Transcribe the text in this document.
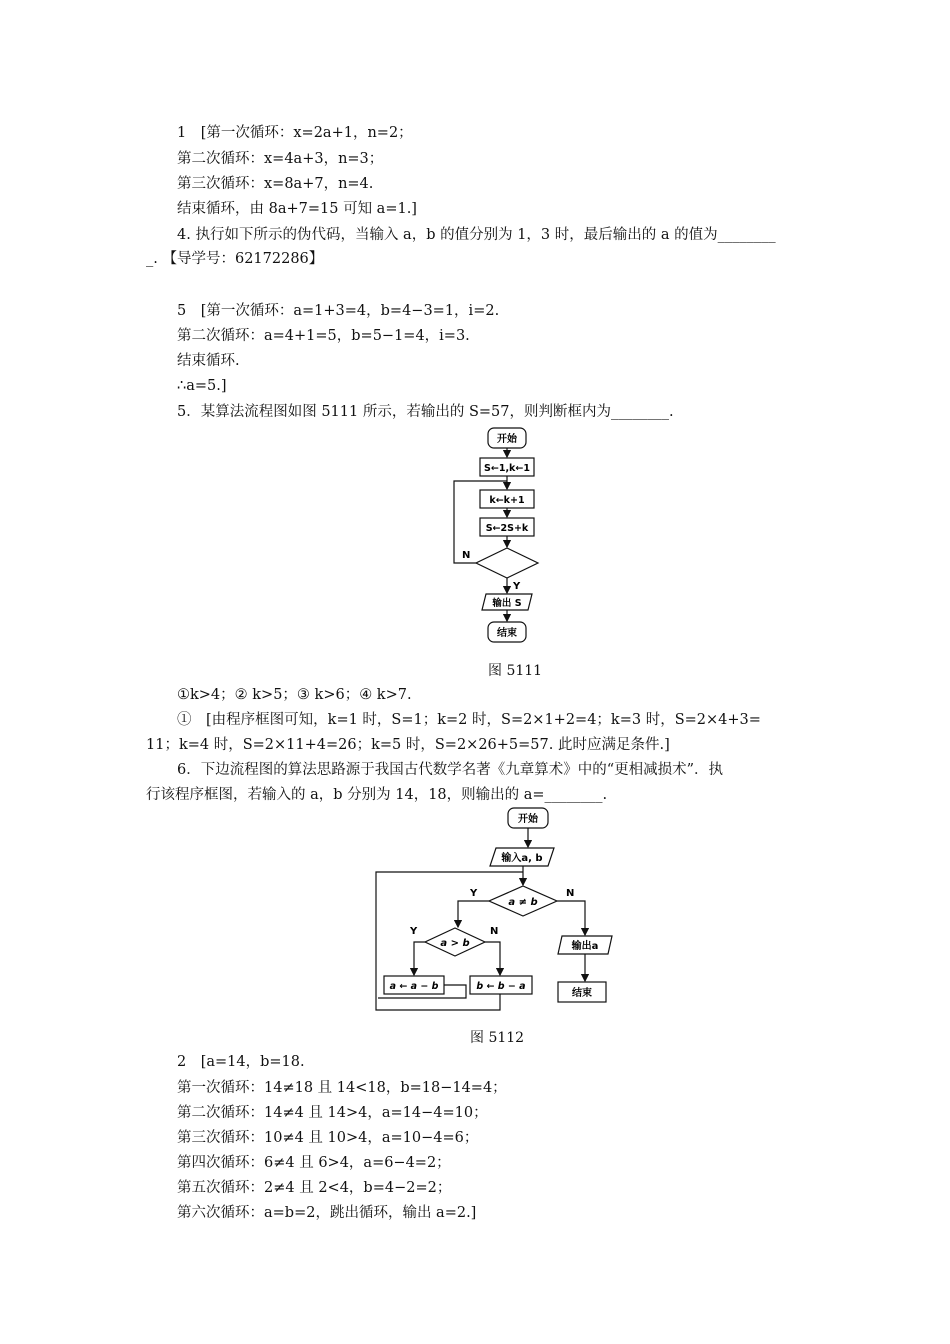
1　[第一次循环：x=2a+1，n=2；
第二次循环：x=4a+3，n=3；
第三次循环：x=8a+7，n=4.
结束循环，由 8a+7=15 可知 a=1.]
4. 执行如下所示的伪代码，当输入 a，b 的值分别为 1，3 时，最后输出的 a 的值为________
_. 【导学号：62172286】
5　[第一次循环：a=1+3=4，b=4−3=1，i=2.
第二次循环：a=4+1=5，b=5−1=4，i=3.
结束循环.
∴a=5.]
5．某算法流程图如图 5111 所示，若输出的 S=57，则判断框内为________.
开始
S←1,k←1
k←k+1
S←2S+k
N
Y
输出 S
结束
图 5111
①k>4；② k>5；③ k>6；④ k>7.
①　[由程序框图可知，k=1 时，S=1；k=2 时，S=2×1+2=4；k=3 时，S=2×4+3=
11；k=4 时，S=2×11+4=26；k=5 时，S=2×26+5=57. 此时应满足条件.]
6．下边流程图的算法思路源于我国古代数学名著《九章算术》中的“更相减损术”．执
行该程序框图，若输入的 a，b 分别为 14，18，则输出的 a=________.
开始
输入a, b
a ≠ b
Y	N
a > b
Y	N
a ← a − b	b ← b − a
输出a
结束
图 5112
2　[a=14，b=18.
第一次循环：14≠18 且 14<18，b=18−14=4；
第二次循环：14≠4 且 14>4，a=14−4=10；
第三次循环：10≠4 且 10>4，a=10−4=6；
第四次循环：6≠4 且 6>4，a=6−4=2；
第五次循环：2≠4 且 2<4，b=4−2=2；
第六次循环：a=b=2，跳出循环，输出 a=2.]
